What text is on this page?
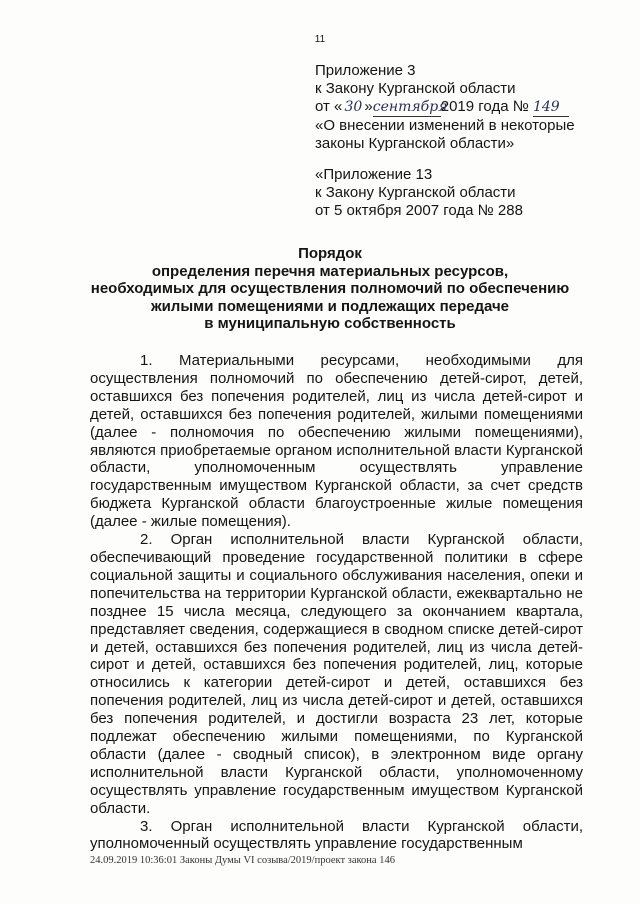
11
Приложение 3
к Закону Курганской области
от « 30 »сентября2019 года № 149
«О внесении изменений в некоторые
законы Курганской области»
«Приложение 13
к Закону Курганской области
от 5 октября 2007 года № 288
Порядок
определения перечня материальных ресурсов,
необходимых для осуществления полномочий по обеспечению
жилыми помещениями и подлежащих передаче
в муниципальную собственность

1. Материальными ресурсами, необходимыми для осуществления полномочий по обеспечению детей-сирот, детей, оставшихся без попечения родителей, лиц из числа детей-сирот и детей, оставшихся без попечения родителей, жилыми помещениями (далее - полномочия по обеспечению жилыми помещениями), являются приобретаемые органом исполнительной власти Курганской области, уполномоченным осуществлять управление государственным имуществом Курганской области, за счет средств бюджета Курганской области благоустроенные жилые помещения (далее - жилые помещения).

2. Орган исполнительной власти Курганской области, обеспечивающий проведение государственной политики в сфере социальной защиты и социального обслуживания населения, опеки и попечительства на территории Курганской области, ежеквартально не позднее 15 числа месяца, следующего за окончанием квартала, представляет сведения, содержащиеся в сводном списке детей-сирот и детей, оставшихся без попечения родителей, лиц из числа детей-сирот и детей, оставшихся без попечения родителей, лиц, которые относились к категории детей-сирот и детей, оставшихся без попечения родителей, лиц из числа детей-сирот и детей, оставшихся без попечения родителей, и достигли возраста 23 лет, которые подлежат обеспечению жилыми помещениями, по Курганской области (далее - сводный список), в электронном виде органу исполнительной власти Курганской области, уполномоченному осуществлять управление государственным имуществом Курганской области.

3. Орган исполнительной власти Курганской области, уполномоченный осуществлять управление государственным

24.09.2019 10:36:01 Законы Думы VI созыва/2019/проект закона 146
